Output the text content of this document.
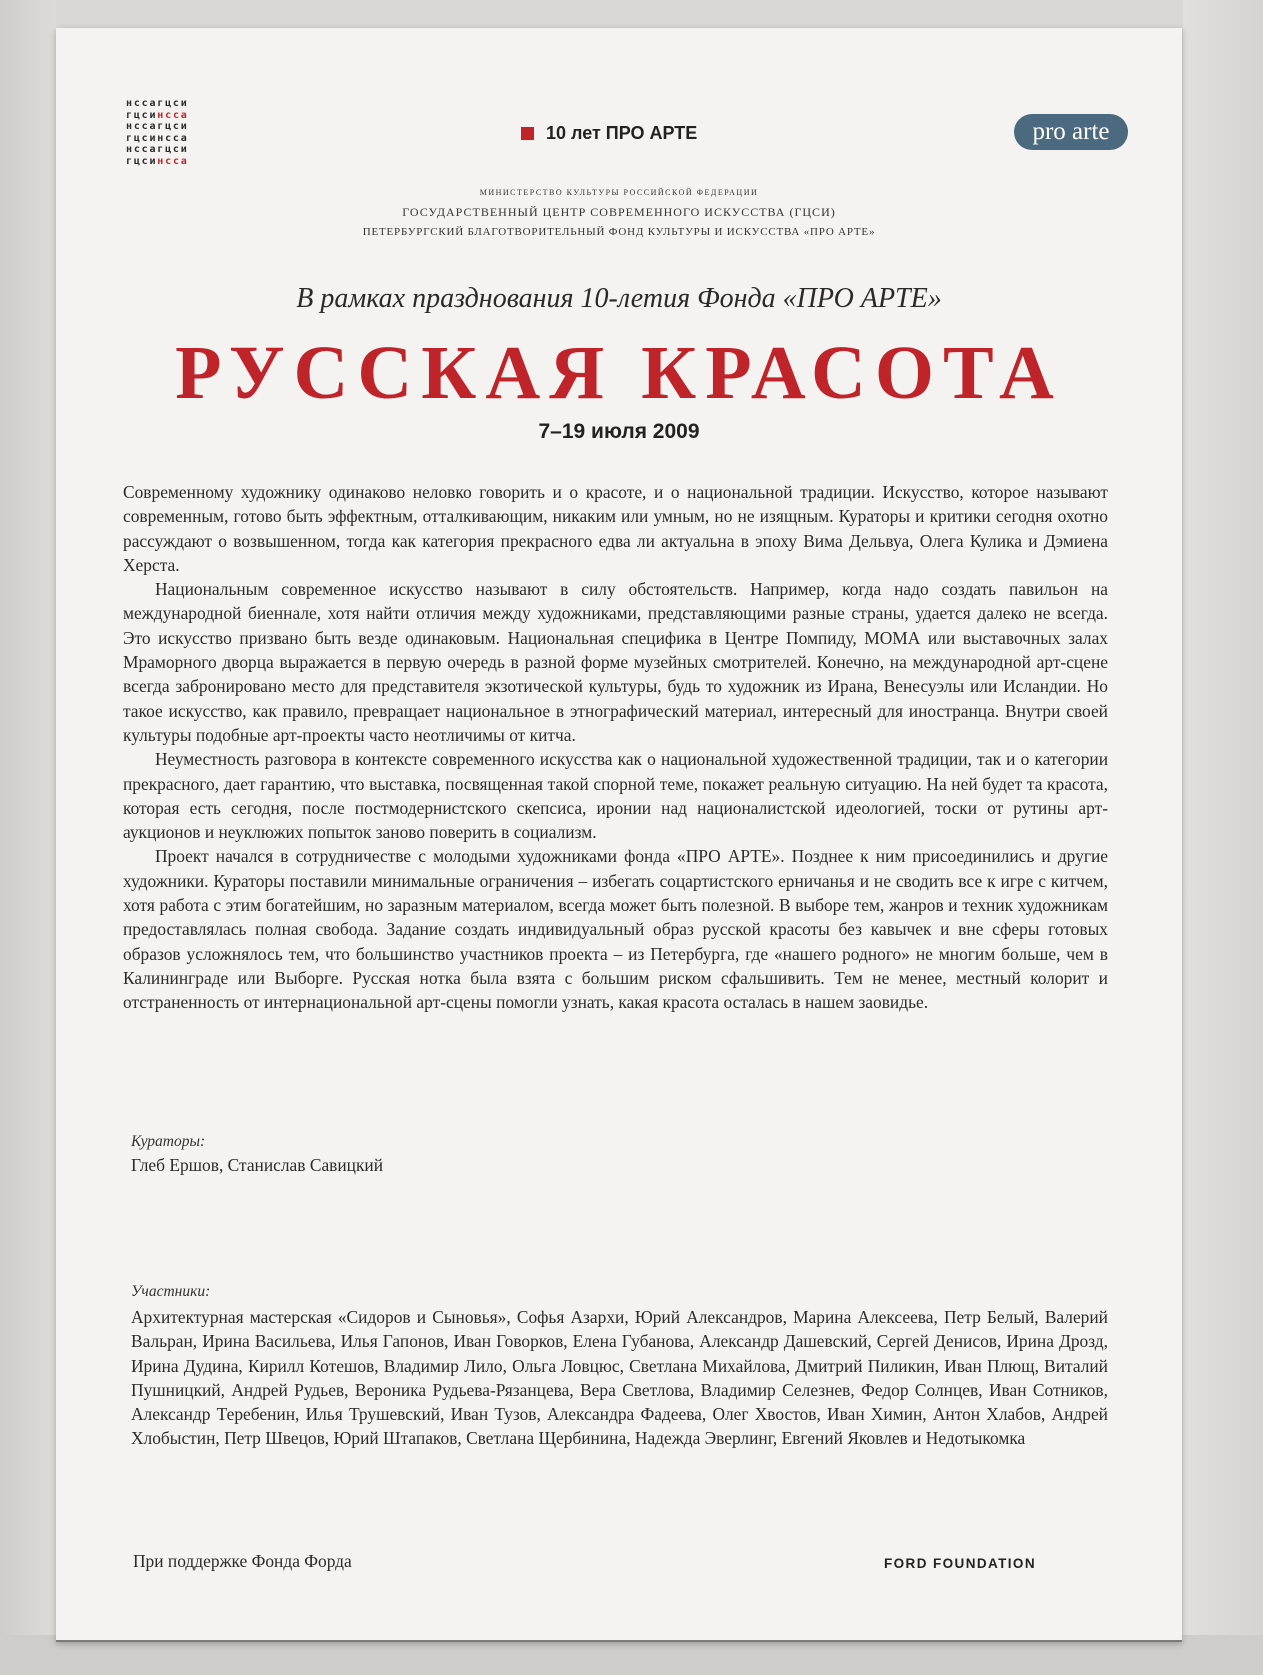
нссагцси
гцсинсса
нссагцси
гцсинсса
нссагцси
гцсинсса
10 лет ПРО АРТЕ	pro arte
МИНИСТЕРСТВО КУЛЬТУРЫ РОССИЙСКОЙ ФЕДЕРАЦИИ
ГОСУДАРСТВЕННЫЙ ЦЕНТР СОВРЕМЕННОГО ИСКУССТВА (ГЦСИ)
ПЕТЕРБУРГСКИЙ БЛАГОТВОРИТЕЛЬНЫЙ ФОНД КУЛЬТУРЫ И ИСКУССТВА «ПРО АРТЕ»
В рамках празднования 10-летия Фонда «ПРО АРТЕ»
РУССКАЯ КРАСОТА
7–19 июля 2009

Современному художнику одинаково неловко говорить и о красоте, и о национальной традиции. Искусство, которое называют современным, готово быть эффектным, отталкивающим, никаким или умным, но не изящным. Кураторы и критики сегодня охотно рассуждают о возвышенном, тогда как категория прекрасного едва ли актуальна в эпоху Вима Дельвуа, Олега Кулика и Дэмиена Херста.

Национальным современное искусство называют в силу обстоятельств. Например, когда надо создать павильон на международной биеннале, хотя найти отличия между художниками, представляющими разные страны, удается далеко не всегда. Это искусство призвано быть везде одинаковым. Национальная специфика в Центре Помпиду, МОМА или выставочных залах Мраморного дворца выражается в первую очередь в разной форме музейных смотрителей. Конечно, на международной арт-сцене всегда забронировано место для представителя экзотической культуры, будь то художник из Ирана, Венесуэлы или Исландии. Но такое искусство, как правило, превращает национальное в этнографический материал, интересный для иностранца. Внутри своей культуры подобные арт-проекты часто неотличимы от китча.

Неуместность разговора в контексте современного искусства как о национальной художественной традиции, так и о категории прекрасного, дает гарантию, что выставка, посвященная такой спорной теме, покажет реальную ситуацию. На ней будет та красота, которая есть сегодня, после постмодернистского скепсиса, иронии над националистской идеологией, тоски от рутины арт-аукционов и неуклюжих попыток заново поверить в социализм.

Проект начался в сотрудничестве с молодыми художниками фонда «ПРО АРТЕ». Позднее к ним присоединились и другие художники. Кураторы поставили минимальные ограничения – избегать соцартистского ерничанья и не сводить все к игре с китчем, хотя работа с этим богатейшим, но заразным материалом, всегда может быть полезной. В выборе тем, жанров и техник художникам предоставлялась полная свобода. Задание создать индивидуальный образ русской красоты без кавычек и вне сферы готовых образов усложнялось тем, что большинство участников проекта – из Петербурга, где «нашего родного» не многим больше, чем в Калининграде или Выборге. Русская нотка была взята с большим риском сфальшивить. Тем не менее, местный колорит и отстраненность от интернациональной арт-сцены помогли узнать, какая красота осталась в нашем заовидье.

Кураторы:
Глеб Ершов, Станислав Савицкий
Участники:
Архитектурная мастерская «Сидоров и Сыновья», Софья Азархи, Юрий Александров, Марина Алексеева, Петр Белый, Валерий Вальран, Ирина Васильева, Илья Гапонов, Иван Говорков, Елена Губанова, Александр Дашевский, Сергей Денисов, Ирина Дрозд, Ирина Дудина, Кирилл Котешов, Владимир Лило, Ольга Ловцюс, Светлана Михайлова, Дмитрий Пиликин, Иван Плющ, Виталий Пушницкий, Андрей Рудьев, Вероника Рудьева-Рязанцева, Вера Светлова, Владимир Селезнев, Федор Солнцев, Иван Сотников, Александр Теребенин, Илья Трушевский, Иван Тузов, Александра Фадеева, Олег Хвостов, Иван Химин, Антон Хлабов, Андрей Хлобыстин, Петр Швецов, Юрий Штапаков, Светлана Щербинина, Надежда Эверлинг, Евгений Яковлев и Недотыкомка
При поддержке Фонда Форда	FORD FOUNDATION
